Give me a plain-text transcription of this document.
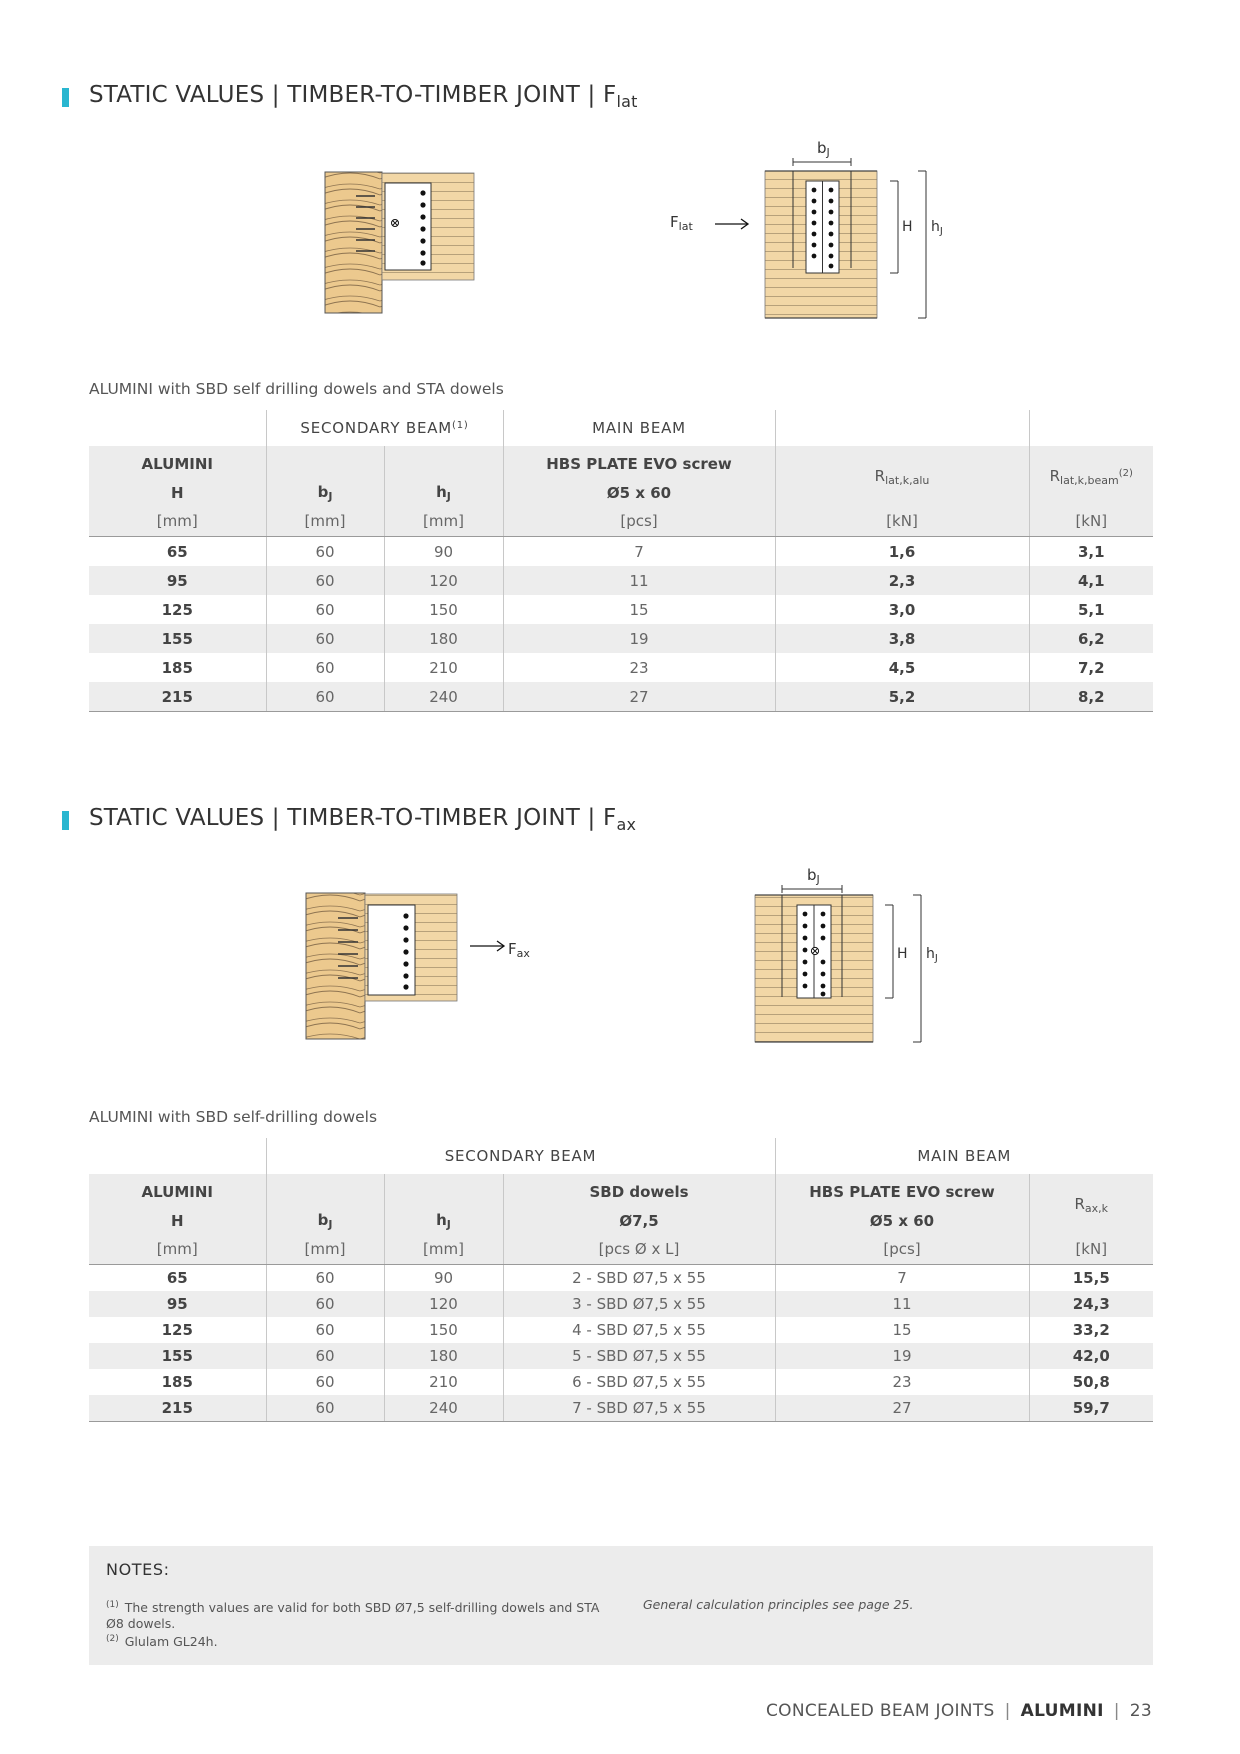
STATIC VALUES | TIMBER-TO-TIMBER JOINT | $F_{lat}$
$b_J$
$F_{lat}$	H $h_J$
ALUMINI with SBD self drilling dowels and STA dowels
	SECONDARY BEAM$^{(1)}$		MAIN BEAM		
ALUMINI			HBS PLATE EVO screw	$R_{lat,k,alu}$	$R_{lat,k,beam}^{(2)}$
H	$b_J$	$h_J$	Ø5 x 60		
[mm]	[mm]	[mm]	[pcs]	[kN]	[kN]
65	60	90	7	1,6	3,1
95	60	120	11	2,3	4,1
125	60	150	15	3,0	5,1
155	60	180	19	3,8	6,2
185	60	210	23	4,5	7,2
215	60	240	27	5,2	8,2
STATIC VALUES | TIMBER-TO-TIMBER JOINT | $F_{ax}$
$F_{ax}$
$b_J$
H $h_J$
ALUMINI with SBD self-drilling dowels
	SECONDARY BEAM			MAIN BEAM	
ALUMINI			SBD dowels	HBS PLATE EVO screw	$R_{ax,k}$
H	$b_J$	$h_J$	Ø7,5	Ø5 x 60	
[mm]	[mm]	[mm]	[pcs Ø x L]	[pcs]	[kN]
65	60	90	2 - SBD Ø7,5 x 55	7	15,5
95	60	120	3 - SBD Ø7,5 x 55	11	24,3
125	60	150	4 - SBD Ø7,5 x 55	15	33,2
155	60	180	5 - SBD Ø7,5 x 55	19	42,0
185	60	210	6 - SBD Ø7,5 x 55	23	50,8
215	60	240	7 - SBD Ø7,5 x 55	27	59,7
NOTES:
$^{(1)}$ The strength values are valid for both SBD Ø7,5 self-drilling dowels and STA Ø8 dowels.
$^{(2)}$ Glulam GL24h.
General calculation principles see page 25.
CONCEALED BEAM JOINTS | ALUMINI | 23
